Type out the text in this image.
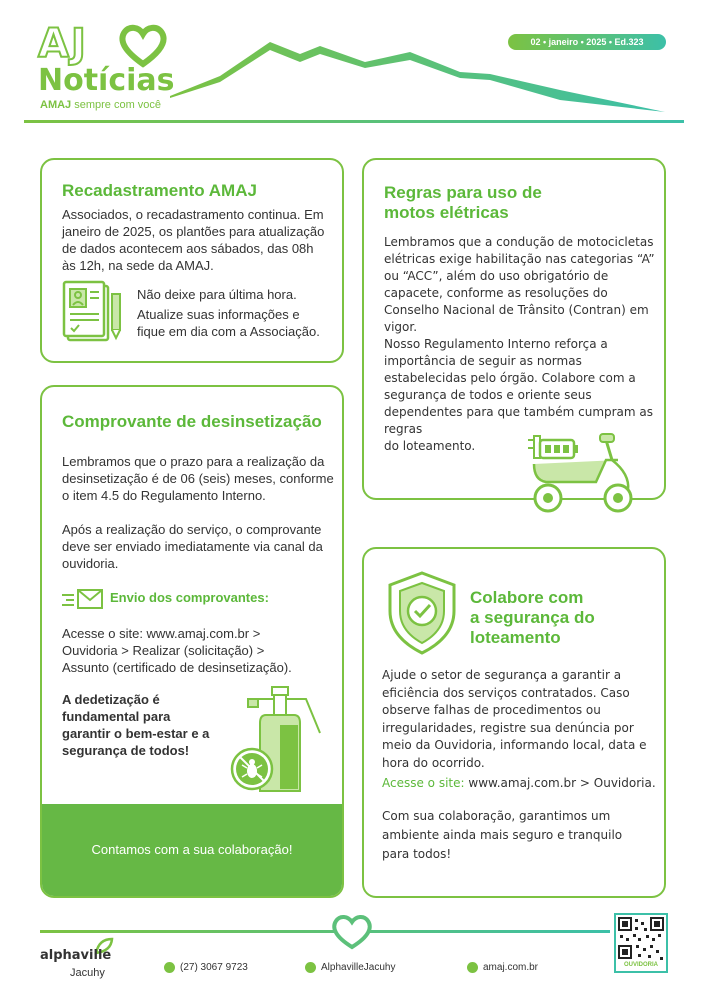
AJ
Notícias
AMAJ sempre com você
02 • janeiro • 2025 • Ed.323
Recadastramento AMAJ
Associados, o recadastramento continua. Em janeiro de 2025, os plantões para atualização de dados acontecem aos sábados, das 08h às 12h, na sede da AMAJ.
Não deixe para última hora.
Atualize suas informações e fique em dia com a Associação.
Comprovante de desinsetização
Lembramos que o prazo para a realização da desinsetização é de 06 (seis) meses, conforme o item 4.5 do Regulamento Interno.
Após a realização do serviço, o comprovante deve ser enviado imediatamente via canal da ouvidoria.
Envio dos comprovantes:
Acesse o site: www.amaj.com.br >
Ouvidoria > Realizar (solicitação) >
Assunto (certificado de desinsetização).
A dedetização é fundamental para garantir o bem-estar e a segurança de todos!
Contamos com a sua colaboração!
Regras para uso de
motos elétricas
Lembramos que a condução de motocicletas elétricas exige habilitação nas categorias “A” ou “ACC”, além do uso obrigatório de capacete, conforme as resoluções do Conselho Nacional de Trânsito (Contran) em vigor.
Nosso Regulamento Interno reforça a importância de seguir as normas estabelecidas pelo órgão. Colabore com a segurança de todos e oriente seus dependentes para que também cumpram as regras
do loteamento.
Colabore com
a segurança do
loteamento
Ajude o setor de segurança a garantir a eficiência dos serviços contratados. Caso observe falhas de procedimentos ou irregularidades, registre sua denúncia por meio da Ouvidoria, informando local, data e hora do ocorrido.
Acesse o site: www.amaj.com.br > Ouvidoria.
Com sua colaboração, garantimos um ambiente ainda mais seguro e tranquilo para todos!
alphaville
Jacuhy	(27) 3067 9723	AlphavilleJacuhy	amaj.com.br	OUVIDORIA
